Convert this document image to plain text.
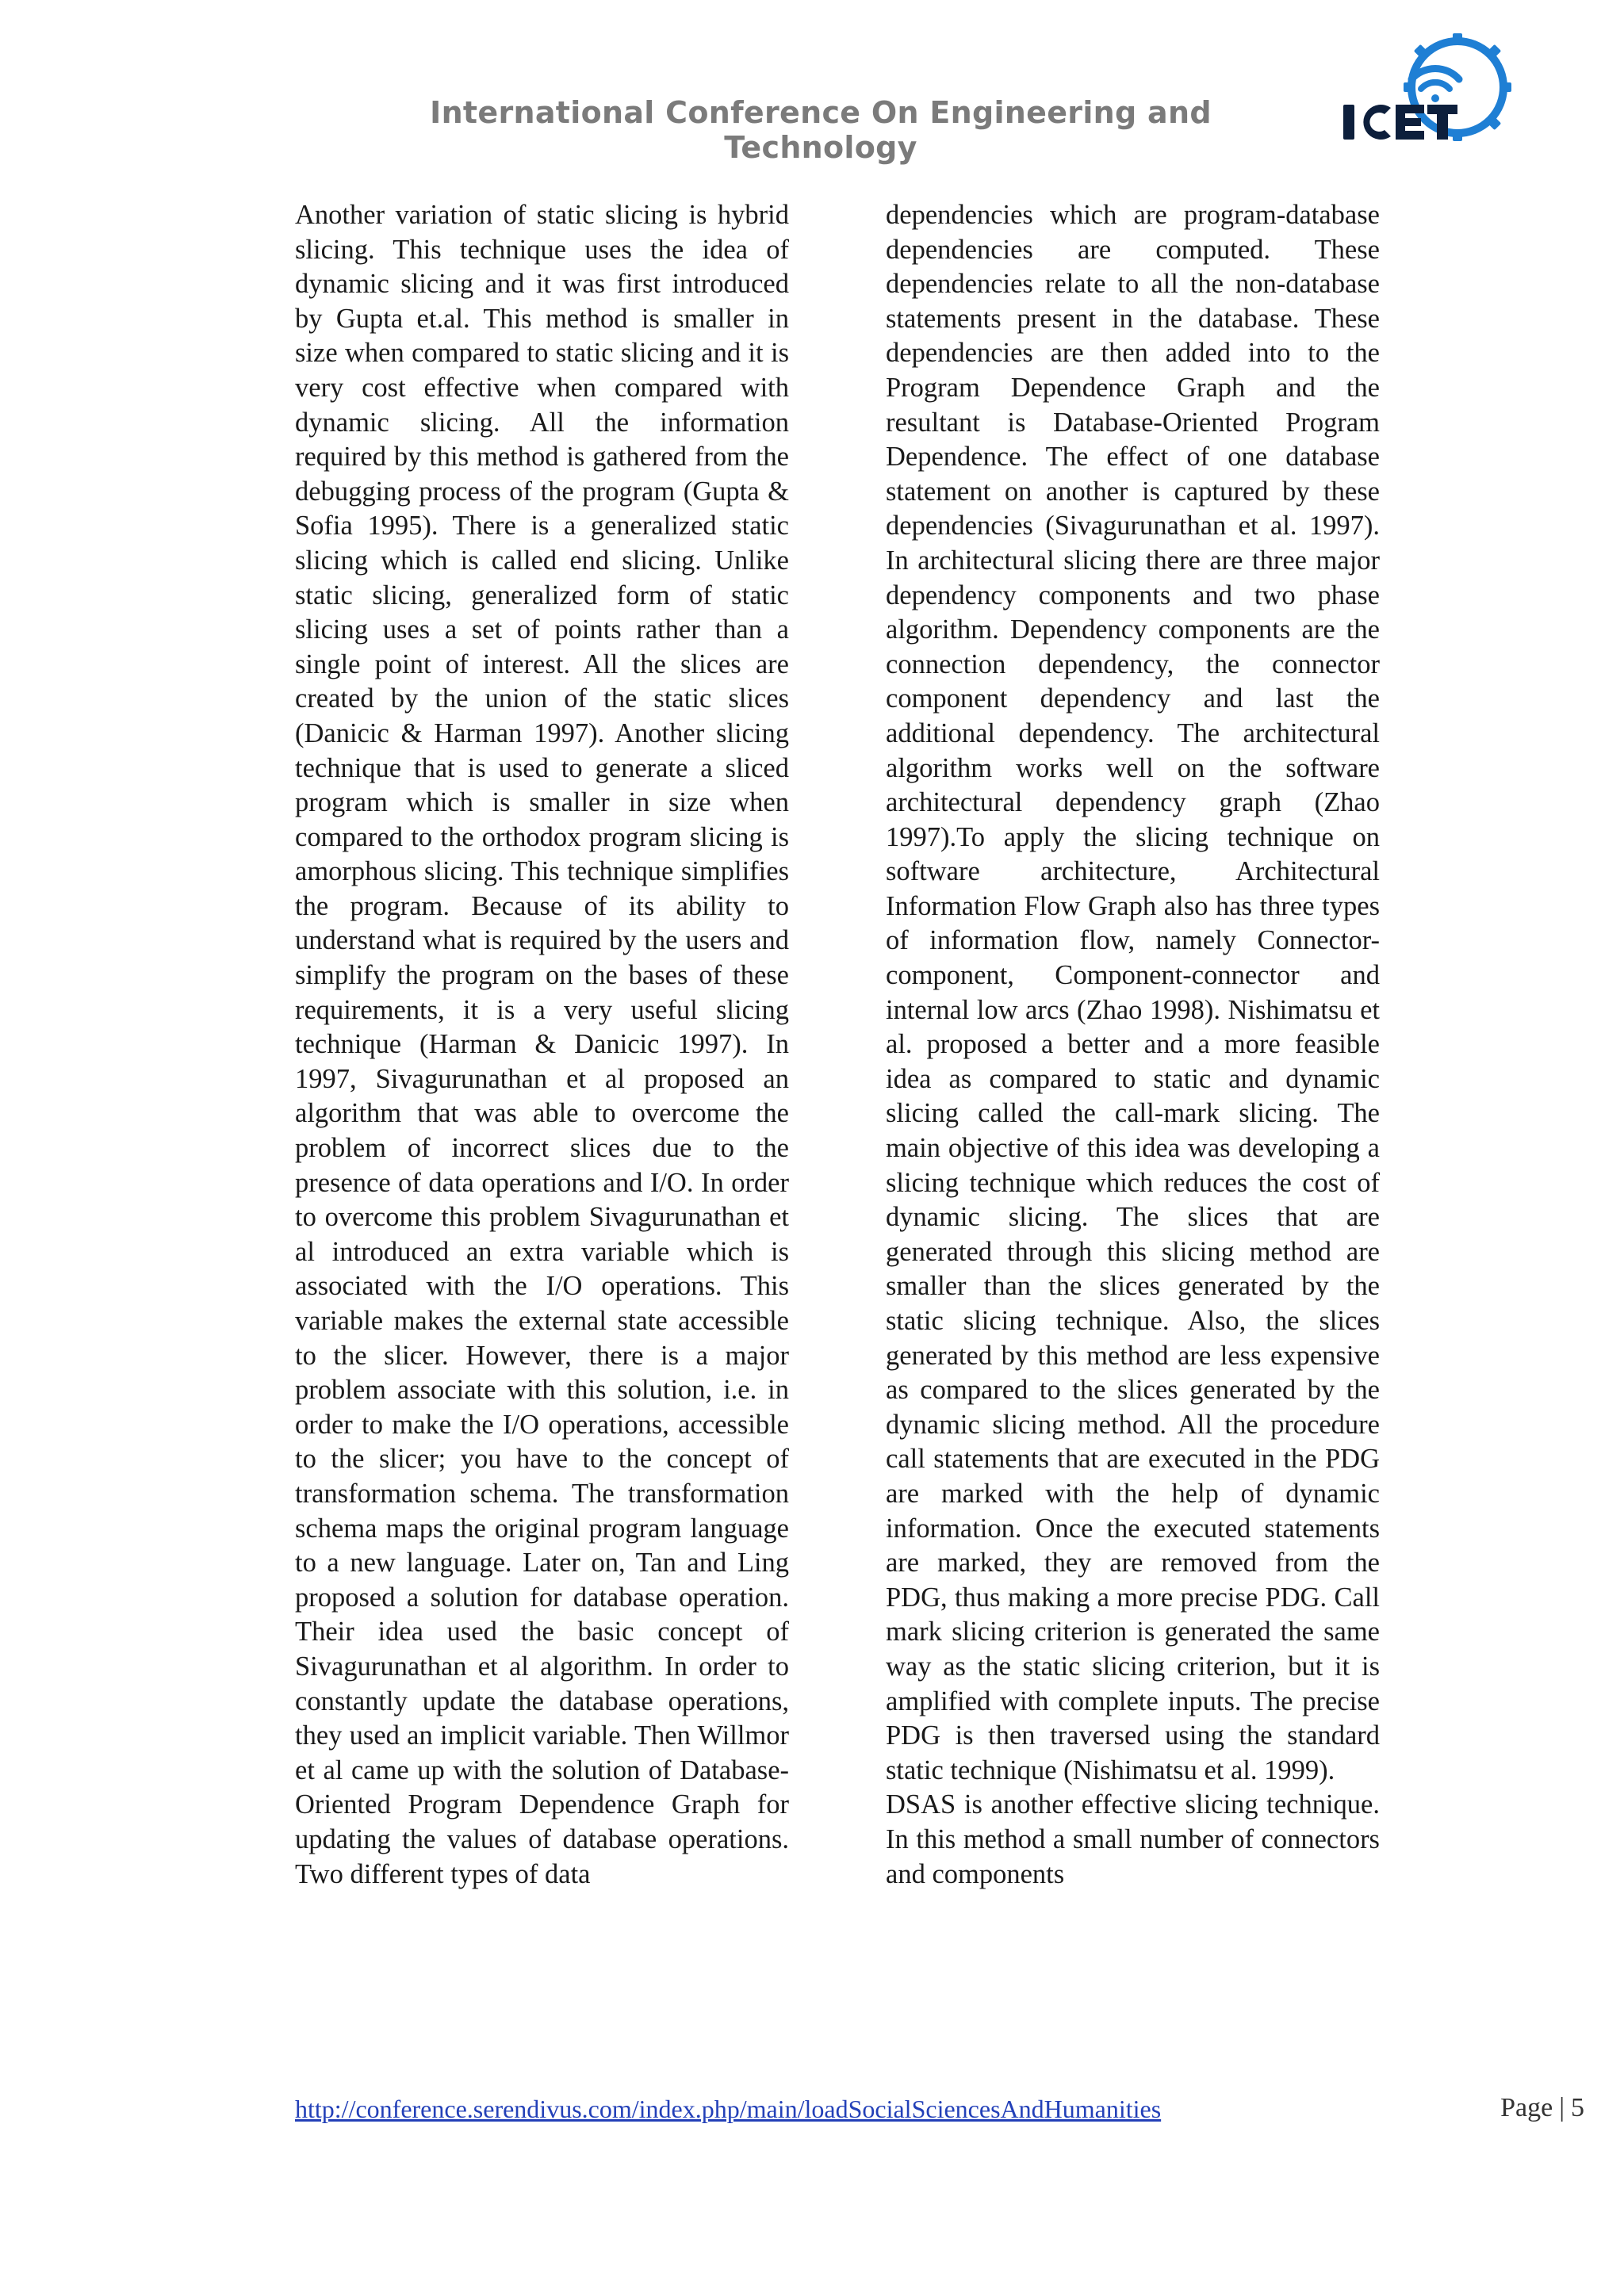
International Conference On Engineering and Technology

Another variation of static slicing is hybrid slicing. This technique uses the idea of dynamic slicing and it was first introduced by Gupta et.al. This method is smaller in size when compared to static slicing and it is very cost effective when compared with dynamic slicing. All the information required by this method is gathered from the debugging process of the program (Gupta & Sofia 1995). There is a generalized static slicing which is called end slicing. Unlike static slicing, generalized form of static slicing uses a set of points rather than a single point of interest. All the slices are created by the union of the static slices (Danicic & Harman 1997). Another slicing technique that is used to generate a sliced program which is smaller in size when compared to the orthodox program slicing is amorphous slicing. This technique simplifies the program. Because of its ability to understand what is required by the users and simplify the program on the bases of these requirements, it is a very useful slicing technique (Harman & Danicic 1997). In 1997, Sivagurunathan et al proposed an algorithm that was able to overcome the problem of incorrect slices due to the presence of data operations and I/O. In order to overcome this problem Sivagurunathan et al introduced an extra variable which is associated with the I/O operations. This variable makes the external state accessible to the slicer. However, there is a major problem associate with this solution, i.e. in order to make the I/O operations, accessible to the slicer; you have to the concept of transformation schema. The transformation schema maps the original program language to a new language. Later on, Tan and Ling proposed a solution for database operation. Their idea used the basic concept of Sivagurunathan et al algorithm. In order to constantly update the database operations, they used an implicit variable. Then Willmor et al came up with the solution of Database-Oriented Program Dependence Graph for updating the values of database operations. Two different types of data

dependencies which are program-database dependencies are computed. These dependencies relate to all the non-database statements present in the database. These dependencies are then added into to the Program Dependence Graph and the resultant is Database-Oriented Program Dependence. The effect of one database statement on another is captured by these dependencies (Sivagurunathan et al. 1997). In architectural slicing there are three major dependency components and two phase algorithm. Dependency components are the connection dependency, the connector component dependency and last the additional dependency. The architectural algorithm works well on the software architectural dependency graph (Zhao 1997).To apply the slicing technique on software architecture, Architectural Information Flow Graph also has three types of information flow, namely Connector-component, Component-connector and internal low arcs (Zhao 1998). Nishimatsu et al. proposed a better and a more feasible idea as compared to static and dynamic slicing called the call-mark slicing. The main objective of this idea was developing a slicing technique which reduces the cost of dynamic slicing. The slices that are generated through this slicing method are smaller than the slices generated by the static slicing technique. Also, the slices generated by this method are less expensive as compared to the slices generated by the dynamic slicing method. All the procedure call statements that are executed in the PDG are marked with the help of dynamic information. Once the executed statements are marked, they are removed from the PDG, thus making a more precise PDG. Call mark slicing criterion is generated the same way as the static slicing criterion, but it is amplified with complete inputs. The precise PDG is then traversed using the standard static technique (Nishimatsu et al. 1999).

DSAS is another effective slicing technique. In this method a small number of connectors and components

http://conference.serendivus.com/index.php/main/loadSocialSciencesAndHumanities	Page | 5
